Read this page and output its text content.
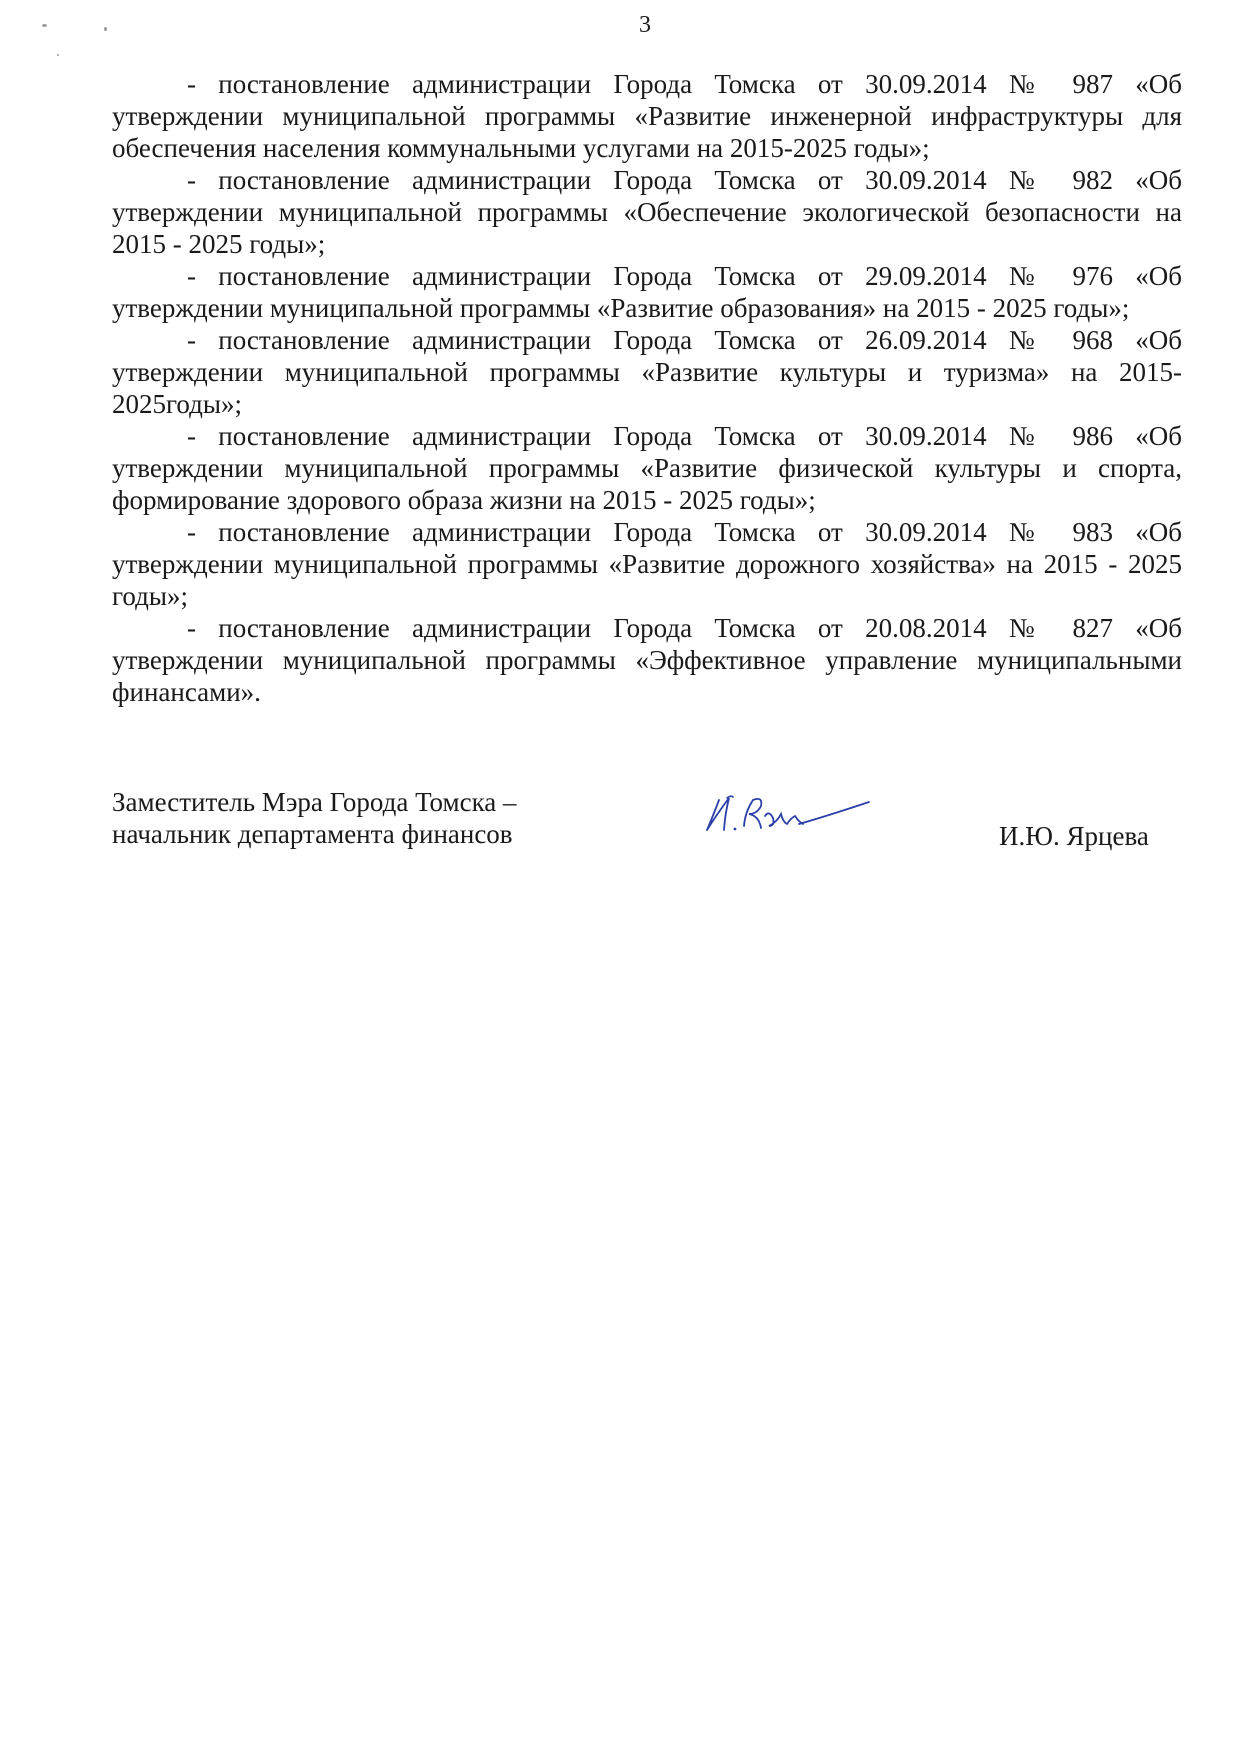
3

- постановление администрации Города Томска от 30.09.2014 № 987 «Об утверждении муниципальной программы «Развитие инженерной инфраструктуры для обеспечения населения коммунальными услугами на 2015-2025 годы»;

- постановление администрации Города Томска от 30.09.2014 № 982 «Об утверждении муниципальной программы «Обеспечение экологической безопасности на 2015 - 2025 годы»;

- постановление администрации Города Томска от 29.09.2014 № 976 «Об утверждении муниципальной программы «Развитие образования» на 2015 - 2025 годы»;

- постановление администрации Города Томска от 26.09.2014 № 968 «Об утверждении муниципальной программы «Развитие культуры и туризма» на 2015-2025годы»;

- постановление администрации Города Томска от 30.09.2014 № 986 «Об утверждении муниципальной программы «Развитие физической культуры и спорта, формирование здорового образа жизни на 2015 - 2025 годы»;

- постановление администрации Города Томска от 30.09.2014 № 983 «Об утверждении муниципальной программы «Развитие дорожного хозяйства» на 2015 - 2025 годы»;

- постановление администрации Города Томска от 20.08.2014 № 827 «Об утверждении муниципальной программы «Эффективное управление муниципальными финансами».

Заместитель Мэра Города Томска –
начальник департамента финансов	И.Ю. Ярцева
